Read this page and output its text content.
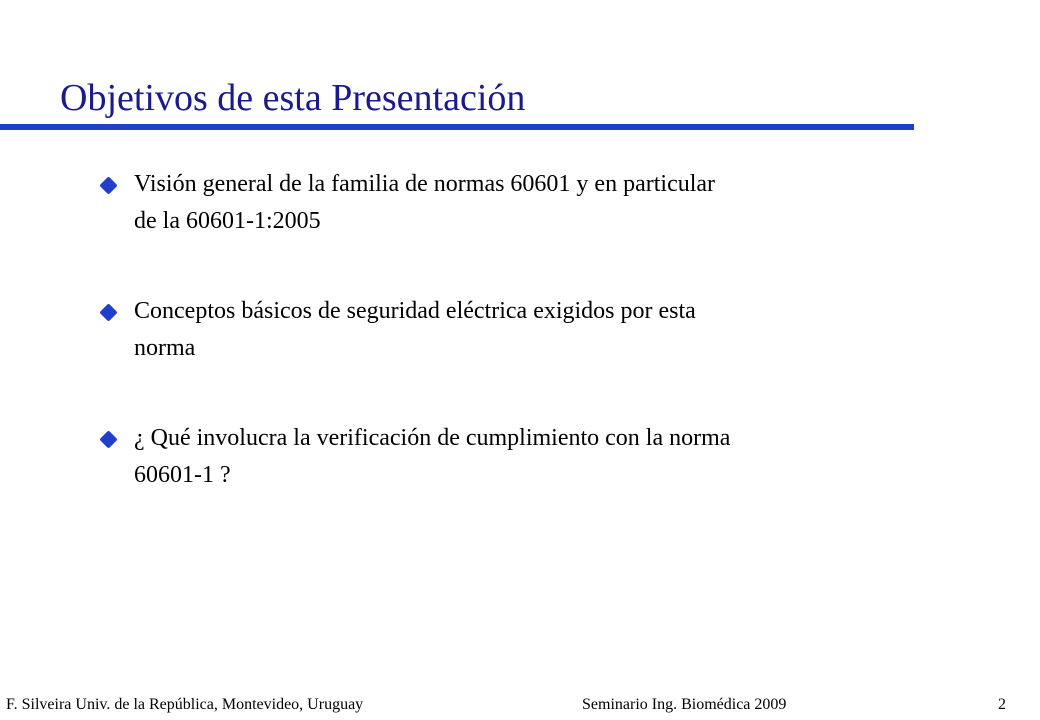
Objetivos de esta Presentación
Visión general de la familia de normas 60601 y en particular
de la 60601-1:2005
Conceptos básicos de seguridad eléctrica exigidos por esta
norma
¿ Qué involucra la verificación de cumplimiento con la norma
60601-1 ?
F. Silveira Univ. de la República, Montevideo, Uruguay	Seminario Ing. Biomédica 2009	2
